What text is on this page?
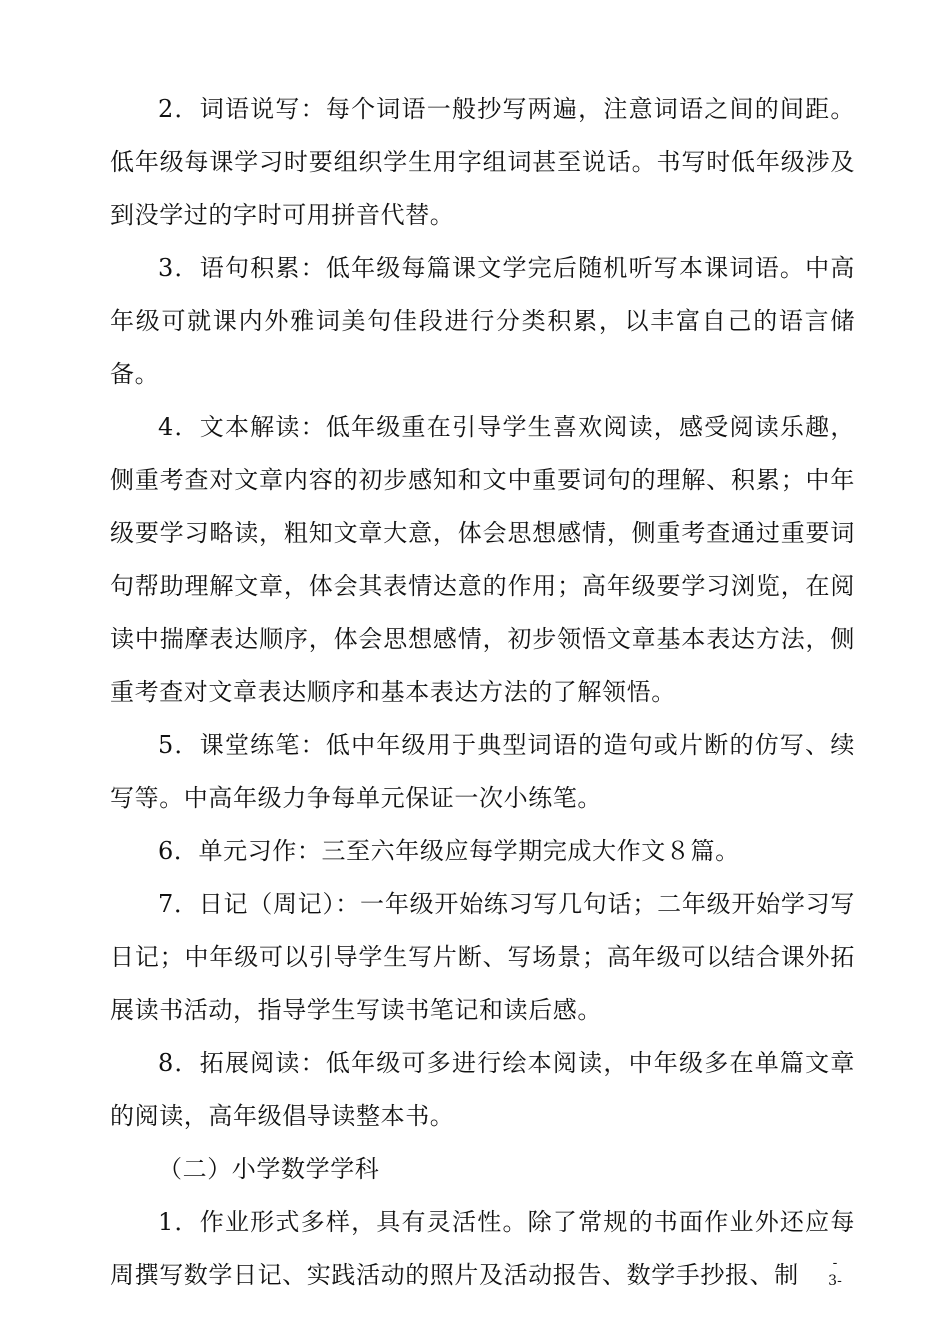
2．词语说写：每个词语一般抄写两遍，注意词语之间的间距。低年级每课学习时要组织学生用字组词甚至说话。书写时低年级涉及到没学过的字时可用拼音代替。

3．语句积累：低年级每篇课文学完后随机听写本课词语。中高年级可就课内外雅词美句佳段进行分类积累，以丰富自己的语言储备。

4．文本解读：低年级重在引导学生喜欢阅读，感受阅读乐趣，侧重考查对文章内容的初步感知和文中重要词句的理解、积累；中年级要学习略读，粗知文章大意，体会思想感情，侧重考查通过重要词句帮助理解文章，体会其表情达意的作用；高年级要学习浏览，在阅读中揣摩表达顺序，体会思想感情，初步领悟文章基本表达方法，侧重考查对文章表达顺序和基本表达方法的了解领悟。

5．课堂练笔：低中年级用于典型词语的造句或片断的仿写、续写等。中高年级力争每单元保证一次小练笔。

6．单元习作：三至六年级应每学期完成大作文８篇。

7．日记（周记）：一年级开始练习写几句话；二年级开始学习写日记；中年级可以引导学生写片断、写场景；高年级可以结合课外拓展读书活动，指导学生写读书笔记和读后感。

8．拓展阅读：低年级可多进行绘本阅读，中年级多在单篇文章的阅读，高年级倡导读整本书。

（二）小学数学学科

1．作业形式多样，具有灵活性。除了常规的书面作业外还应每周撰写数学日记、实践活动的照片及活动报告、数学手抄报、制	-
3-
